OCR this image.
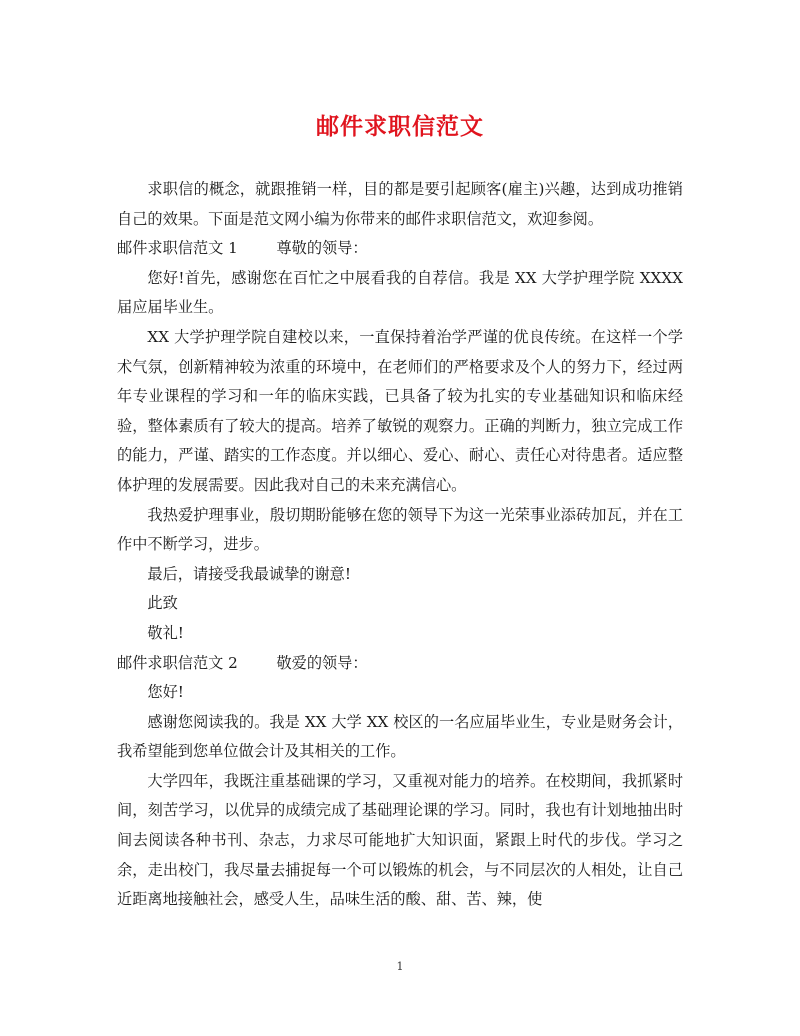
邮件求职信范文

求职信的概念，就跟推销一样，目的都是要引起顾客(雇主)兴趣，达到成功推销自己的效果。下面是范文网小编为你带来的邮件求职信范文，欢迎参阅。

邮件求职信范文 1	尊敬的领导：

您好!首先，感谢您在百忙之中展看我的自荐信。我是 XX 大学护理学院 XXXX 届应届毕业生。

XX 大学护理学院自建校以来，一直保持着治学严谨的优良传统。在这样一个学术气氛，创新精神较为浓重的环境中，在老师们的严格要求及个人的努力下，经过两年专业课程的学习和一年的临床实践，已具备了较为扎实的专业基础知识和临床经验，整体素质有了较大的提高。培养了敏锐的观察力。正确的判断力，独立完成工作的能力，严谨、踏实的工作态度。并以细心、爱心、耐心、责任心对待患者。适应整体护理的发展需要。因此我对自己的未来充满信心。

我热爱护理事业，殷切期盼能够在您的领导下为这一光荣事业添砖加瓦，并在工作中不断学习，进步。

最后，请接受我最诚挚的谢意!

此致

敬礼!

邮件求职信范文 2	敬爱的领导：

您好!

感谢您阅读我的。我是 XX 大学 XX 校区的一名应届毕业生，专业是财务会计，我希望能到您单位做会计及其相关的工作。

大学四年，我既注重基础课的学习，又重视对能力的培养。在校期间，我抓紧时间，刻苦学习，以优异的成绩完成了基础理论课的学习。同时，我也有计划地抽出时间去阅读各种书刊、杂志，力求尽可能地扩大知识面，紧跟上时代的步伐。学习之余，走出校门，我尽量去捕捉每一个可以锻炼的机会，与不同层次的人相处，让自己近距离地接触社会，感受人生，品味生活的酸、甜、苦、辣，使

1
